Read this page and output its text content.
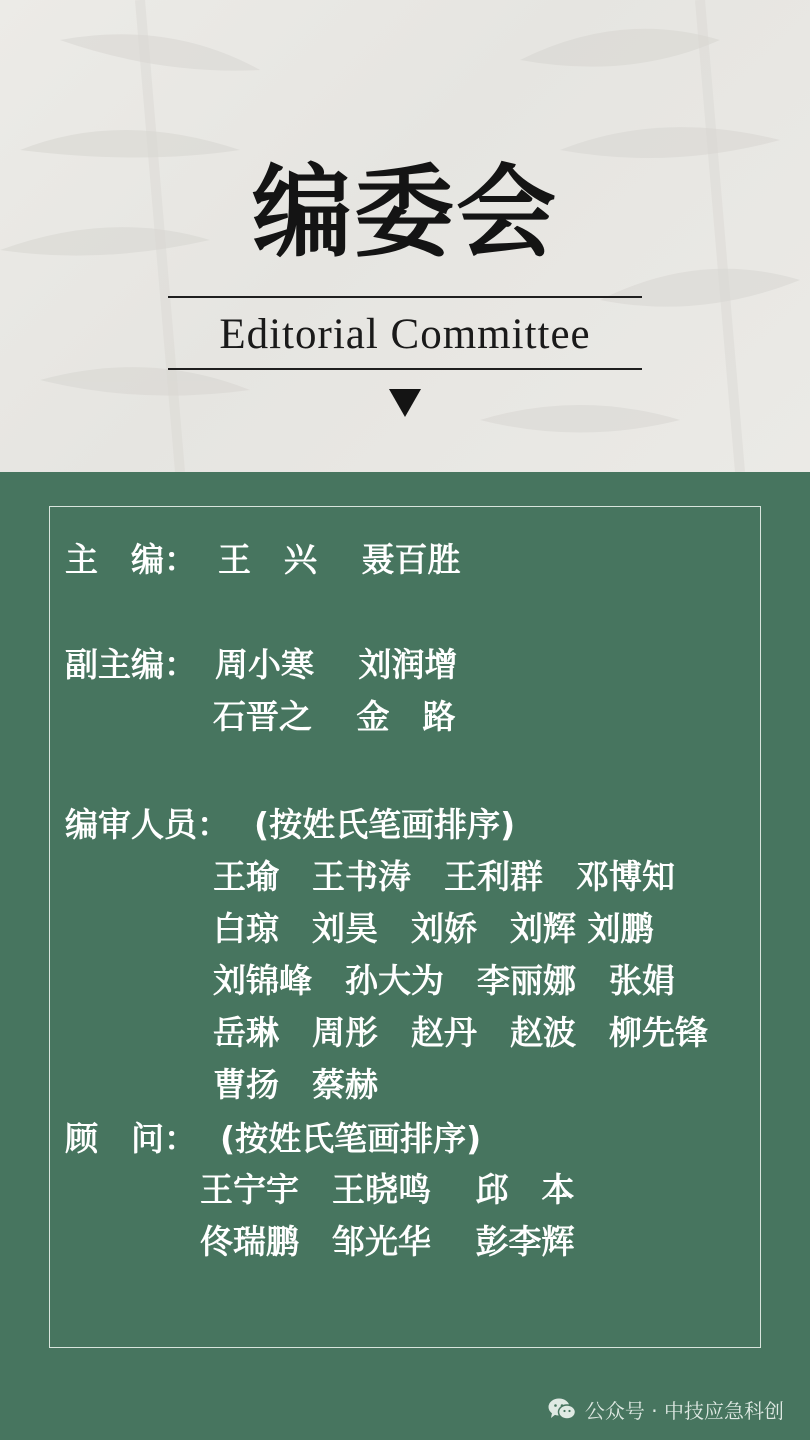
编委会
Editorial Committee
主　编： 王　兴　 聂百胜
副主编： 周小寒　 刘润增
石晋之　 金　路
编审人员： (按姓氏笔画排序)
王瑜　王书涛　王利群　邓博知
白琼　刘昊　刘娇　刘辉 刘鹏
刘锦峰　孙大为　李丽娜　张娟
岳琳　周彤　赵丹　赵波　柳先锋
曹扬　蔡赫
顾　问： (按姓氏笔画排序)
王宁宇　王晓鸣　 邱　本
佟瑞鹏　邹光华　 彭李辉
公众号 · 中技应急科创
